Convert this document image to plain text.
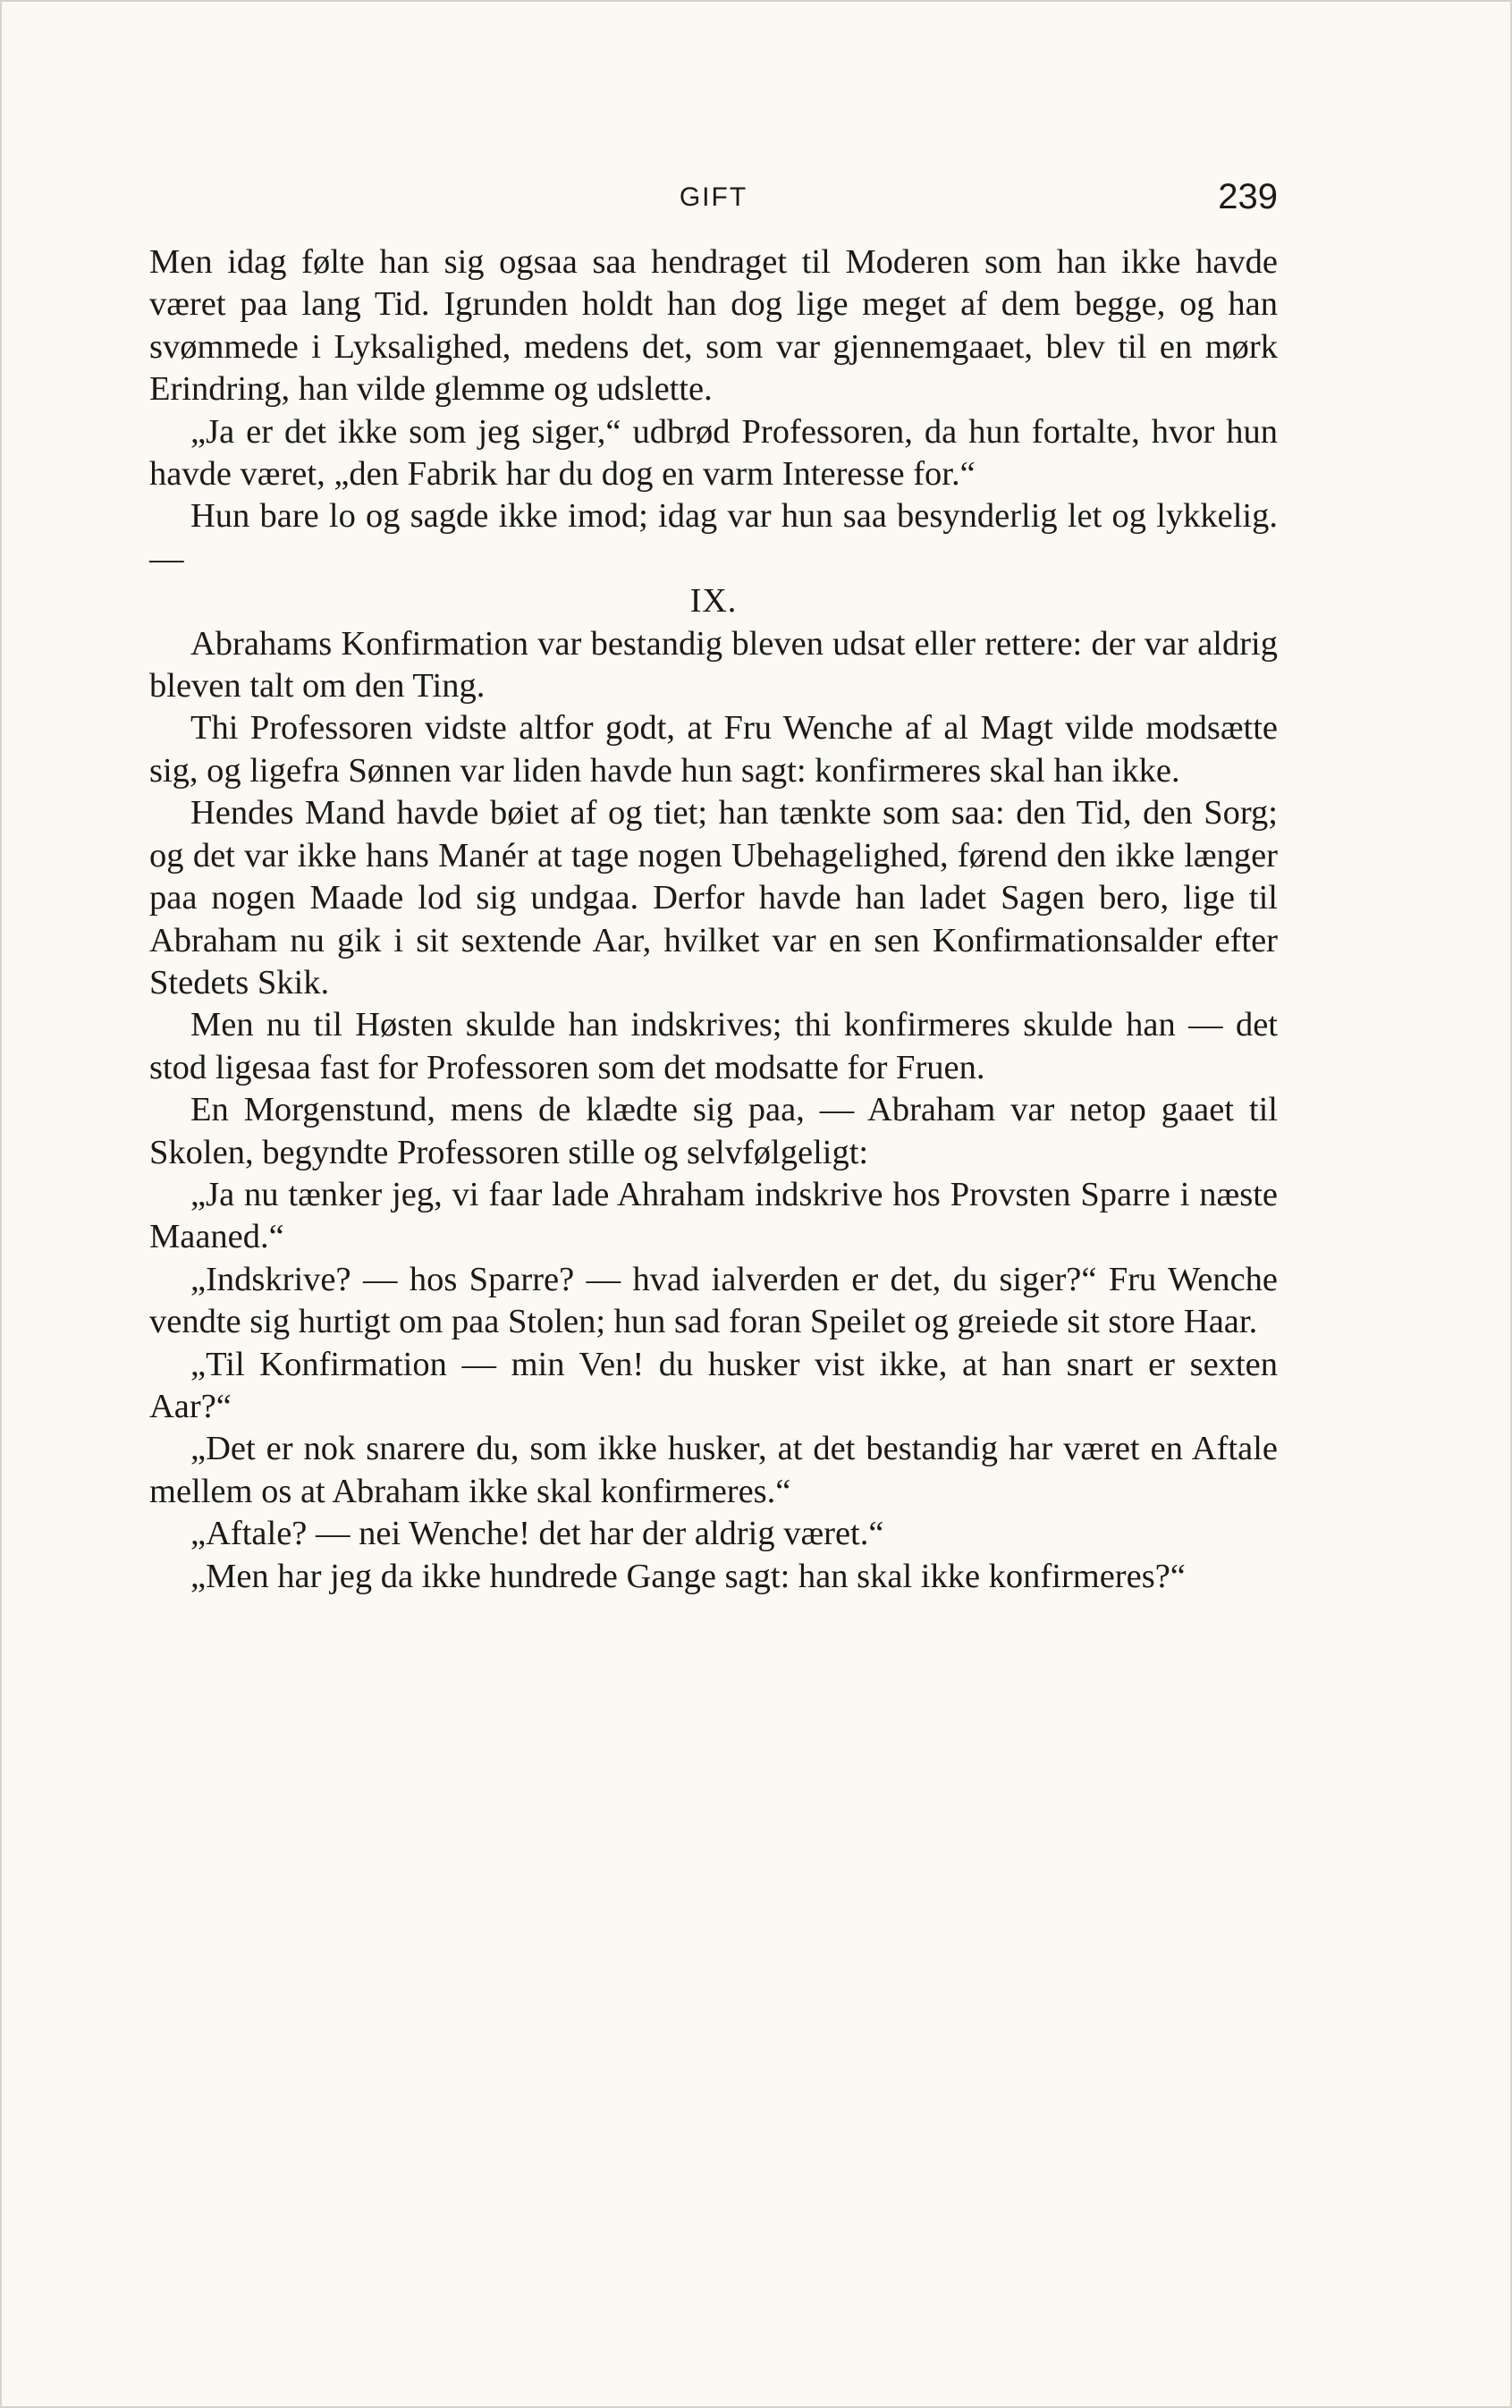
GIFT	239

Men idag følte han sig ogsaa saa hendraget til Moderen som han ikke havde været paa lang Tid. Igrunden holdt han dog lige meget af dem begge, og han svømmede i Lyksalighed, medens det, som var gjennemgaaet, blev til en mørk Erindring, han vilde glemme og udslette.

„Ja er det ikke som jeg siger,“ udbrød Professoren, da hun fortalte, hvor hun havde været, „den Fabrik har du dog en varm Interesse for.“

Hun bare lo og sagde ikke imod; idag var hun saa besynderlig let og lykkelig. —

IX.

Abrahams Konfirmation var bestandig bleven udsat eller rettere: der var aldrig bleven talt om den Ting.

Thi Professoren vidste altfor godt, at Fru Wenche af al Magt vilde modsætte sig, og ligefra Sønnen var liden havde hun sagt: konfirmeres skal han ikke.

Hendes Mand havde bøiet af og tiet; han tænkte som saa: den Tid, den Sorg; og det var ikke hans Manér at tage nogen Ubehagelighed, førend den ikke længer paa nogen Maade lod sig undgaa. Derfor havde han ladet Sagen bero, lige til Abraham nu gik i sit sextende Aar, hvilket var en sen Konfirmationsalder efter Stedets Skik.

Men nu til Høsten skulde han indskrives; thi konfirmeres skulde han — det stod ligesaa fast for Professoren som det modsatte for Fruen.

En Morgenstund, mens de klædte sig paa, — Abraham var netop gaaet til Skolen, begyndte Professoren stille og selvfølgeligt:

„Ja nu tænker jeg, vi faar lade Ahraham indskrive hos Provsten Sparre i næste Maaned.“

„Indskrive? — hos Sparre? — hvad ialverden er det, du siger?“ Fru Wenche vendte sig hurtigt om paa Stolen; hun sad foran Speilet og greiede sit store Haar.

„Til Konfirmation — min Ven! du husker vist ikke, at han snart er sexten Aar?“

„Det er nok snarere du, som ikke husker, at det bestandig har været en Aftale mellem os at Abraham ikke skal konfirmeres.“

„Aftale? — nei Wenche! det har der aldrig været.“

„Men har jeg da ikke hundrede Gange sagt: han skal ikke konfirmeres?“
